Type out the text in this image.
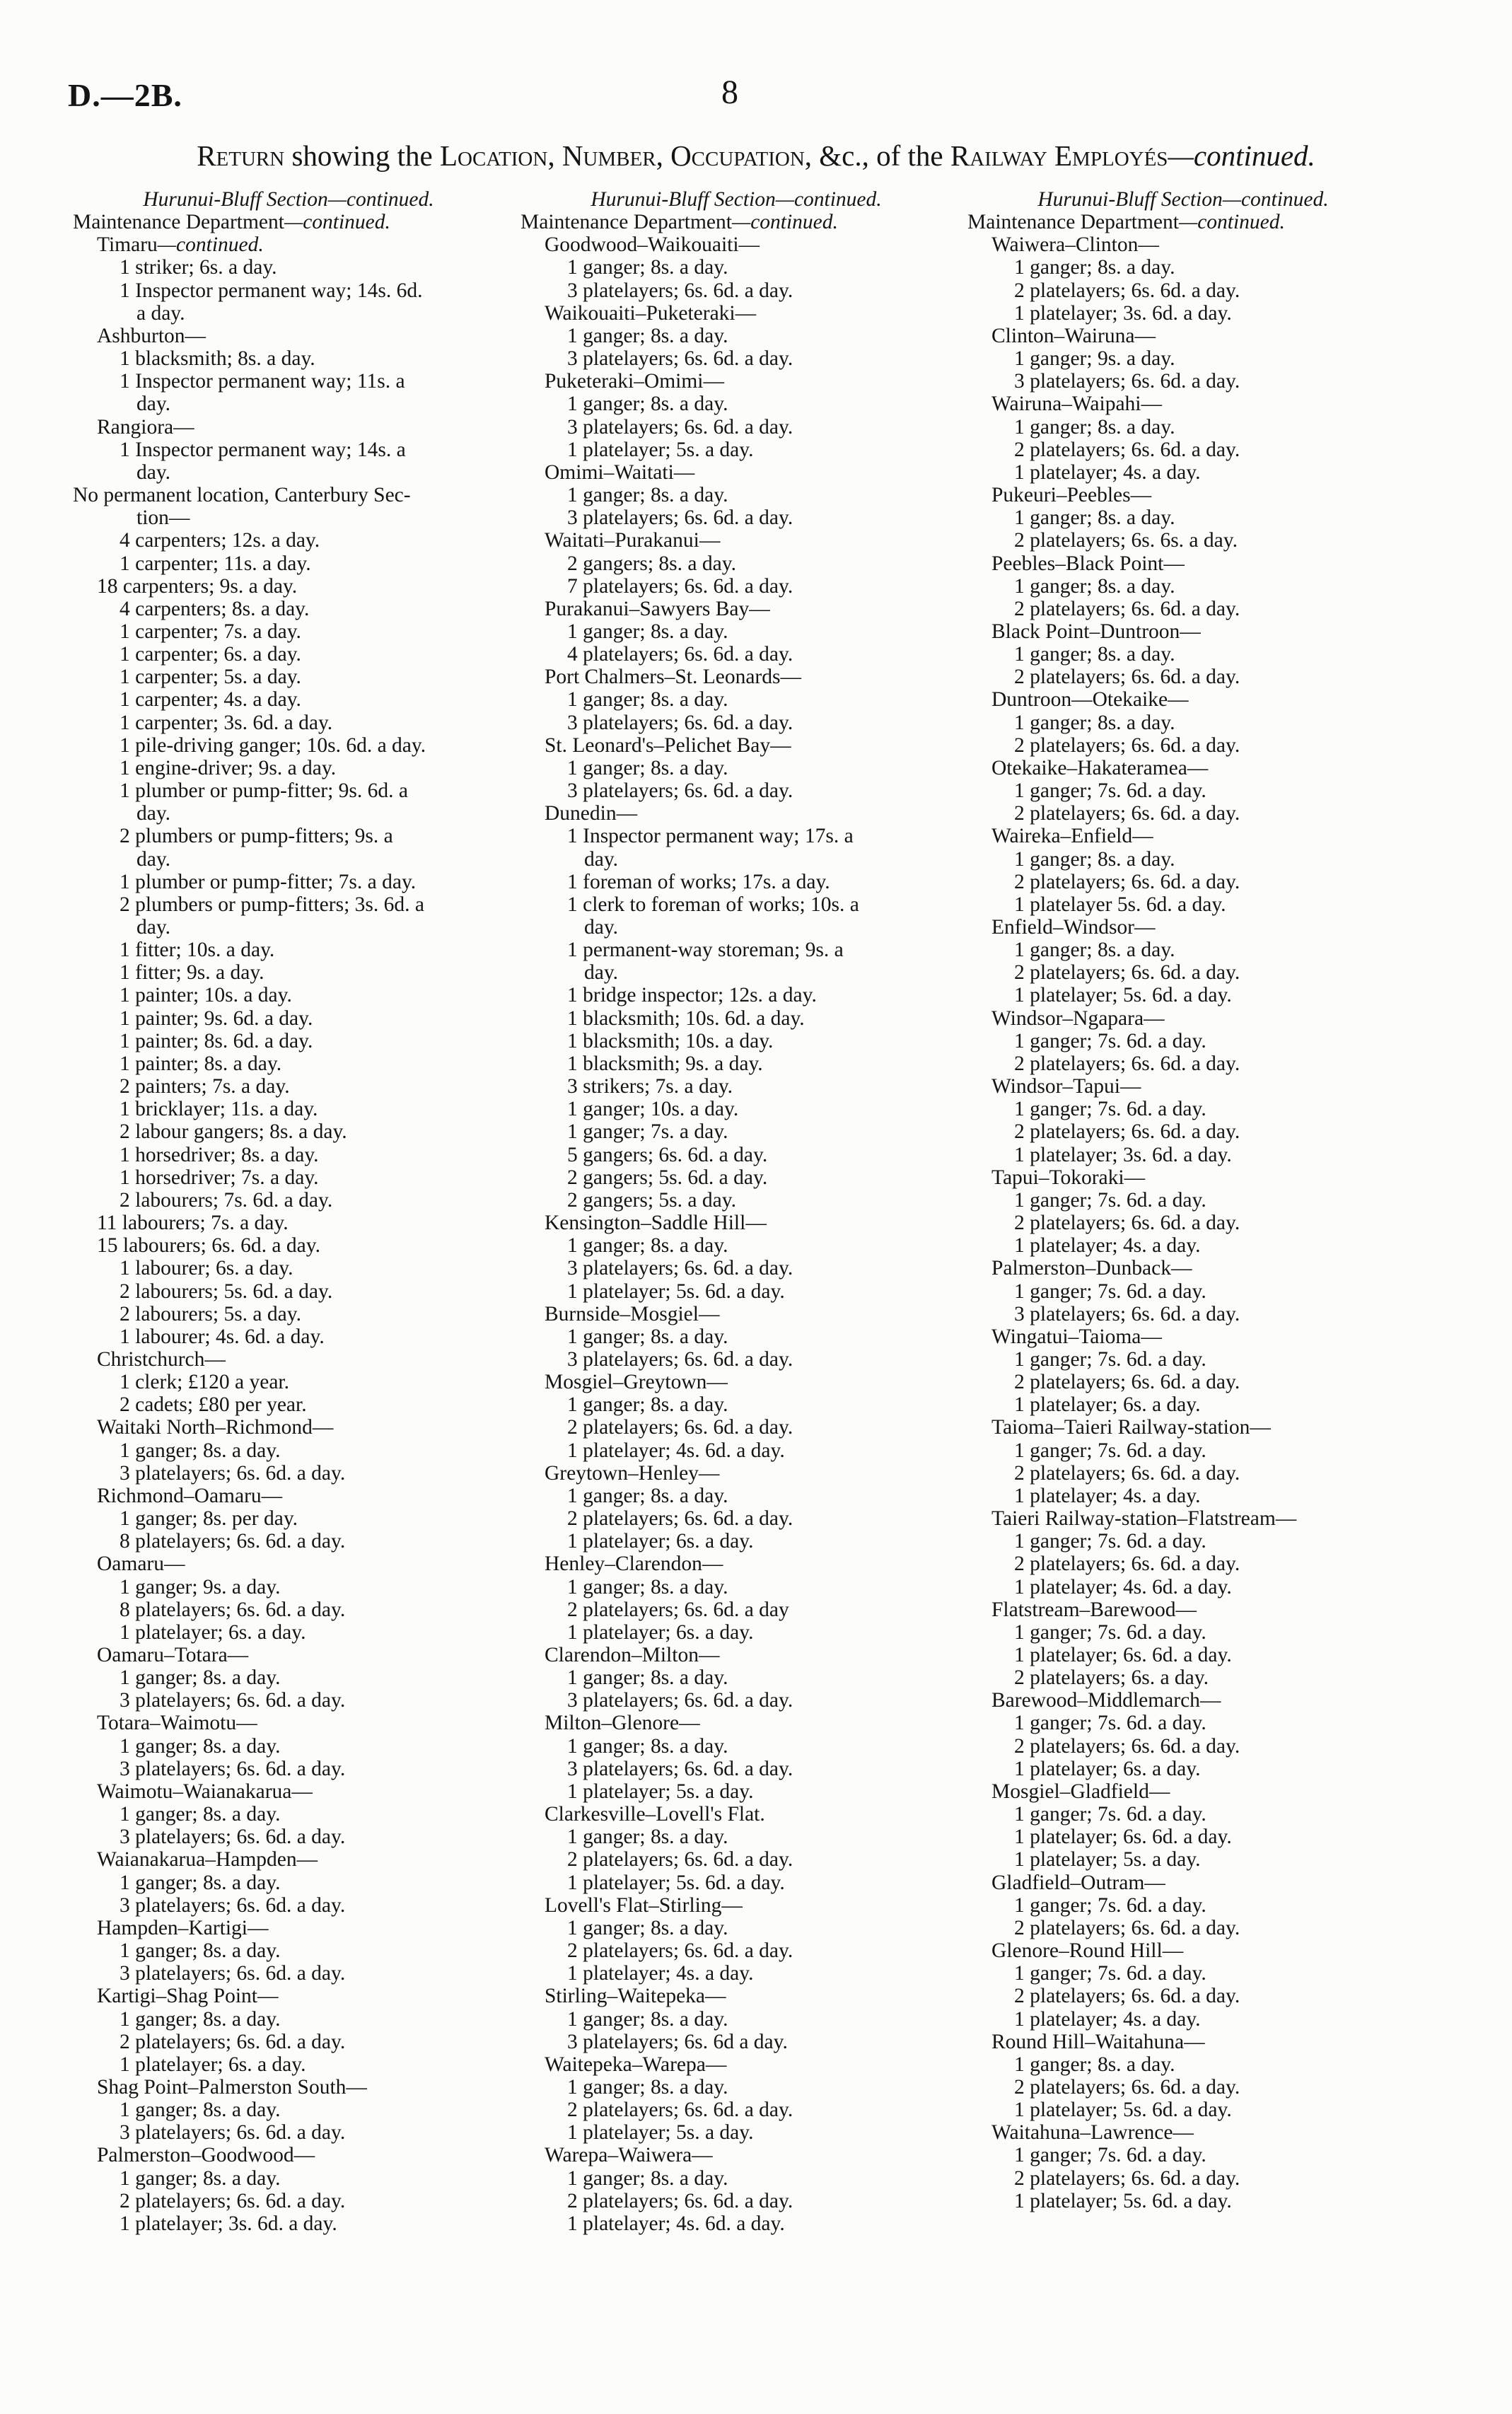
D.—2B.	8
Return showing the Location, Number, Occupation, &c., of the Railway Employés—continued.
Hurunui-Bluff Section—continued.
Maintenance Department—continued.
Timaru—continued.
1 striker; 6s. a day.
1 Inspector permanent way; 14s. 6d.
a day.
Ashburton—
1 blacksmith; 8s. a day.
1 Inspector permanent way; 11s. a
day.
Rangiora—
1 Inspector permanent way; 14s. a
day.
No permanent location, Canterbury Sec-
tion—
4 carpenters; 12s. a day.
1 carpenter; 11s. a day.
18 carpenters; 9s. a day.
4 carpenters; 8s. a day.
1 carpenter; 7s. a day.
1 carpenter; 6s. a day.
1 carpenter; 5s. a day.
1 carpenter; 4s. a day.
1 carpenter; 3s. 6d. a day.
1 pile-driving ganger; 10s. 6d. a day.
1 engine-driver; 9s. a day.
1 plumber or pump-fitter; 9s. 6d. a
day.
2 plumbers or pump-fitters; 9s. a
day.
1 plumber or pump-fitter; 7s. a day.
2 plumbers or pump-fitters; 3s. 6d. a
day.
1 fitter; 10s. a day.
1 fitter; 9s. a day.
1 painter; 10s. a day.
1 painter; 9s. 6d. a day.
1 painter; 8s. 6d. a day.
1 painter; 8s. a day.
2 painters; 7s. a day.
1 bricklayer; 11s. a day.
2 labour gangers; 8s. a day.
1 horsedriver; 8s. a day.
1 horsedriver; 7s. a day.
2 labourers; 7s. 6d. a day.
11 labourers; 7s. a day.
15 labourers; 6s. 6d. a day.
1 labourer; 6s. a day.
2 labourers; 5s. 6d. a day.
2 labourers; 5s. a day.
1 labourer; 4s. 6d. a day.
Christchurch—
1 clerk; £120 a year.
2 cadets; £80 per year.
Waitaki North–Richmond—
1 ganger; 8s. a day.
3 platelayers; 6s. 6d. a day.
Richmond–Oamaru—
1 ganger; 8s. per day.
8 platelayers; 6s. 6d. a day.
Oamaru—
1 ganger; 9s. a day.
8 platelayers; 6s. 6d. a day.
1 platelayer; 6s. a day.
Oamaru–Totara—
1 ganger; 8s. a day.
3 platelayers; 6s. 6d. a day.
Totara–Waimotu—
1 ganger; 8s. a day.
3 platelayers; 6s. 6d. a day.
Waimotu–Waianakarua—
1 ganger; 8s. a day.
3 platelayers; 6s. 6d. a day.
Waianakarua–Hampden—
1 ganger; 8s. a day.
3 platelayers; 6s. 6d. a day.
Hampden–Kartigi—
1 ganger; 8s. a day.
3 platelayers; 6s. 6d. a day.
Kartigi–Shag Point—
1 ganger; 8s. a day.
2 platelayers; 6s. 6d. a day.
1 platelayer; 6s. a day.
Shag Point–Palmerston South—
1 ganger; 8s. a day.
3 platelayers; 6s. 6d. a day.
Palmerston–Goodwood—
1 ganger; 8s. a day.
2 platelayers; 6s. 6d. a day.
1 platelayer; 3s. 6d. a day.
Hurunui-Bluff Section—continued.
Maintenance Department—continued.
Goodwood–Waikouaiti—
1 ganger; 8s. a day.
3 platelayers; 6s. 6d. a day.
Waikouaiti–Puketeraki—
1 ganger; 8s. a day.
3 platelayers; 6s. 6d. a day.
Puketeraki–Omimi—
1 ganger; 8s. a day.
3 platelayers; 6s. 6d. a day.
1 platelayer; 5s. a day.
Omimi–Waitati—
1 ganger; 8s. a day.
3 platelayers; 6s. 6d. a day.
Waitati–Purakanui—
2 gangers; 8s. a day.
7 platelayers; 6s. 6d. a day.
Purakanui–Sawyers Bay—
1 ganger; 8s. a day.
4 platelayers; 6s. 6d. a day.
Port Chalmers–St. Leonards—
1 ganger; 8s. a day.
3 platelayers; 6s. 6d. a day.
St. Leonard's–Pelichet Bay—
1 ganger; 8s. a day.
3 platelayers; 6s. 6d. a day.
Dunedin—
1 Inspector permanent way; 17s. a
day.
1 foreman of works; 17s. a day.
1 clerk to foreman of works; 10s. a
day.
1 permanent-way storeman; 9s. a
day.
1 bridge inspector; 12s. a day.
1 blacksmith; 10s. 6d. a day.
1 blacksmith; 10s. a day.
1 blacksmith; 9s. a day.
3 strikers; 7s. a day.
1 ganger; 10s. a day.
1 ganger; 7s. a day.
5 gangers; 6s. 6d. a day.
2 gangers; 5s. 6d. a day.
2 gangers; 5s. a day.
Kensington–Saddle Hill—
1 ganger; 8s. a day.
3 platelayers; 6s. 6d. a day.
1 platelayer; 5s. 6d. a day.
Burnside–Mosgiel—
1 ganger; 8s. a day.
3 platelayers; 6s. 6d. a day.
Mosgiel–Greytown—
1 ganger; 8s. a day.
2 platelayers; 6s. 6d. a day.
1 platelayer; 4s. 6d. a day.
Greytown–Henley—
1 ganger; 8s. a day.
2 platelayers; 6s. 6d. a day.
1 platelayer; 6s. a day.
Henley–Clarendon—
1 ganger; 8s. a day.
2 platelayers; 6s. 6d. a day
1 platelayer; 6s. a day.
Clarendon–Milton—
1 ganger; 8s. a day.
3 platelayers; 6s. 6d. a day.
Milton–Glenore—
1 ganger; 8s. a day.
3 platelayers; 6s. 6d. a day.
1 platelayer; 5s. a day.
Clarkesville–Lovell's Flat.
1 ganger; 8s. a day.
2 platelayers; 6s. 6d. a day.
1 platelayer; 5s. 6d. a day.
Lovell's Flat–Stirling—
1 ganger; 8s. a day.
2 platelayers; 6s. 6d. a day.
1 platelayer; 4s. a day.
Stirling–Waitepeka—
1 ganger; 8s. a day.
3 platelayers; 6s. 6d a day.
Waitepeka–Warepa—
1 ganger; 8s. a day.
2 platelayers; 6s. 6d. a day.
1 platelayer; 5s. a day.
Warepa–Waiwera—
1 ganger; 8s. a day.
2 platelayers; 6s. 6d. a day.
1 platelayer; 4s. 6d. a day.
Hurunui-Bluff Section—continued.
Maintenance Department—continued.
Waiwera–Clinton—
1 ganger; 8s. a day.
2 platelayers; 6s. 6d. a day.
1 platelayer; 3s. 6d. a day.
Clinton–Wairuna—
1 ganger; 9s. a day.
3 platelayers; 6s. 6d. a day.
Wairuna–Waipahi—
1 ganger; 8s. a day.
2 platelayers; 6s. 6d. a day.
1 platelayer; 4s. a day.
Pukeuri–Peebles—
1 ganger; 8s. a day.
2 platelayers; 6s. 6s. a day.
Peebles–Black Point—
1 ganger; 8s. a day.
2 platelayers; 6s. 6d. a day.
Black Point–Duntroon—
1 ganger; 8s. a day.
2 platelayers; 6s. 6d. a day.
Duntroon—Otekaike—
1 ganger; 8s. a day.
2 platelayers; 6s. 6d. a day.
Otekaike–Hakateramea—
1 ganger; 7s. 6d. a day.
2 platelayers; 6s. 6d. a day.
Waireka–Enfield—
1 ganger; 8s. a day.
2 platelayers; 6s. 6d. a day.
1 platelayer 5s. 6d. a day.
Enfield–Windsor—
1 ganger; 8s. a day.
2 platelayers; 6s. 6d. a day.
1 platelayer; 5s. 6d. a day.
Windsor–Ngapara—
1 ganger; 7s. 6d. a day.
2 platelayers; 6s. 6d. a day.
Windsor–Tapui—
1 ganger; 7s. 6d. a day.
2 platelayers; 6s. 6d. a day.
1 platelayer; 3s. 6d. a day.
Tapui–Tokoraki—
1 ganger; 7s. 6d. a day.
2 platelayers; 6s. 6d. a day.
1 platelayer; 4s. a day.
Palmerston–Dunback—
1 ganger; 7s. 6d. a day.
3 platelayers; 6s. 6d. a day.
Wingatui–Taioma—
1 ganger; 7s. 6d. a day.
2 platelayers; 6s. 6d. a day.
1 platelayer; 6s. a day.
Taioma–Taieri Railway-station—
1 ganger; 7s. 6d. a day.
2 platelayers; 6s. 6d. a day.
1 platelayer; 4s. a day.
Taieri Railway-station–Flatstream—
1 ganger; 7s. 6d. a day.
2 platelayers; 6s. 6d. a day.
1 platelayer; 4s. 6d. a day.
Flatstream–Barewood—
1 ganger; 7s. 6d. a day.
1 platelayer; 6s. 6d. a day.
2 platelayers; 6s. a day.
Barewood–Middlemarch—
1 ganger; 7s. 6d. a day.
2 platelayers; 6s. 6d. a day.
1 platelayer; 6s. a day.
Mosgiel–Gladfield—
1 ganger; 7s. 6d. a day.
1 platelayer; 6s. 6d. a day.
1 platelayer; 5s. a day.
Gladfield–Outram—
1 ganger; 7s. 6d. a day.
2 platelayers; 6s. 6d. a day.
Glenore–Round Hill—
1 ganger; 7s. 6d. a day.
2 platelayers; 6s. 6d. a day.
1 platelayer; 4s. a day.
Round Hill–Waitahuna—
1 ganger; 8s. a day.
2 platelayers; 6s. 6d. a day.
1 platelayer; 5s. 6d. a day.
Waitahuna–Lawrence—
1 ganger; 7s. 6d. a day.
2 platelayers; 6s. 6d. a day.
1 platelayer; 5s. 6d. a day.
